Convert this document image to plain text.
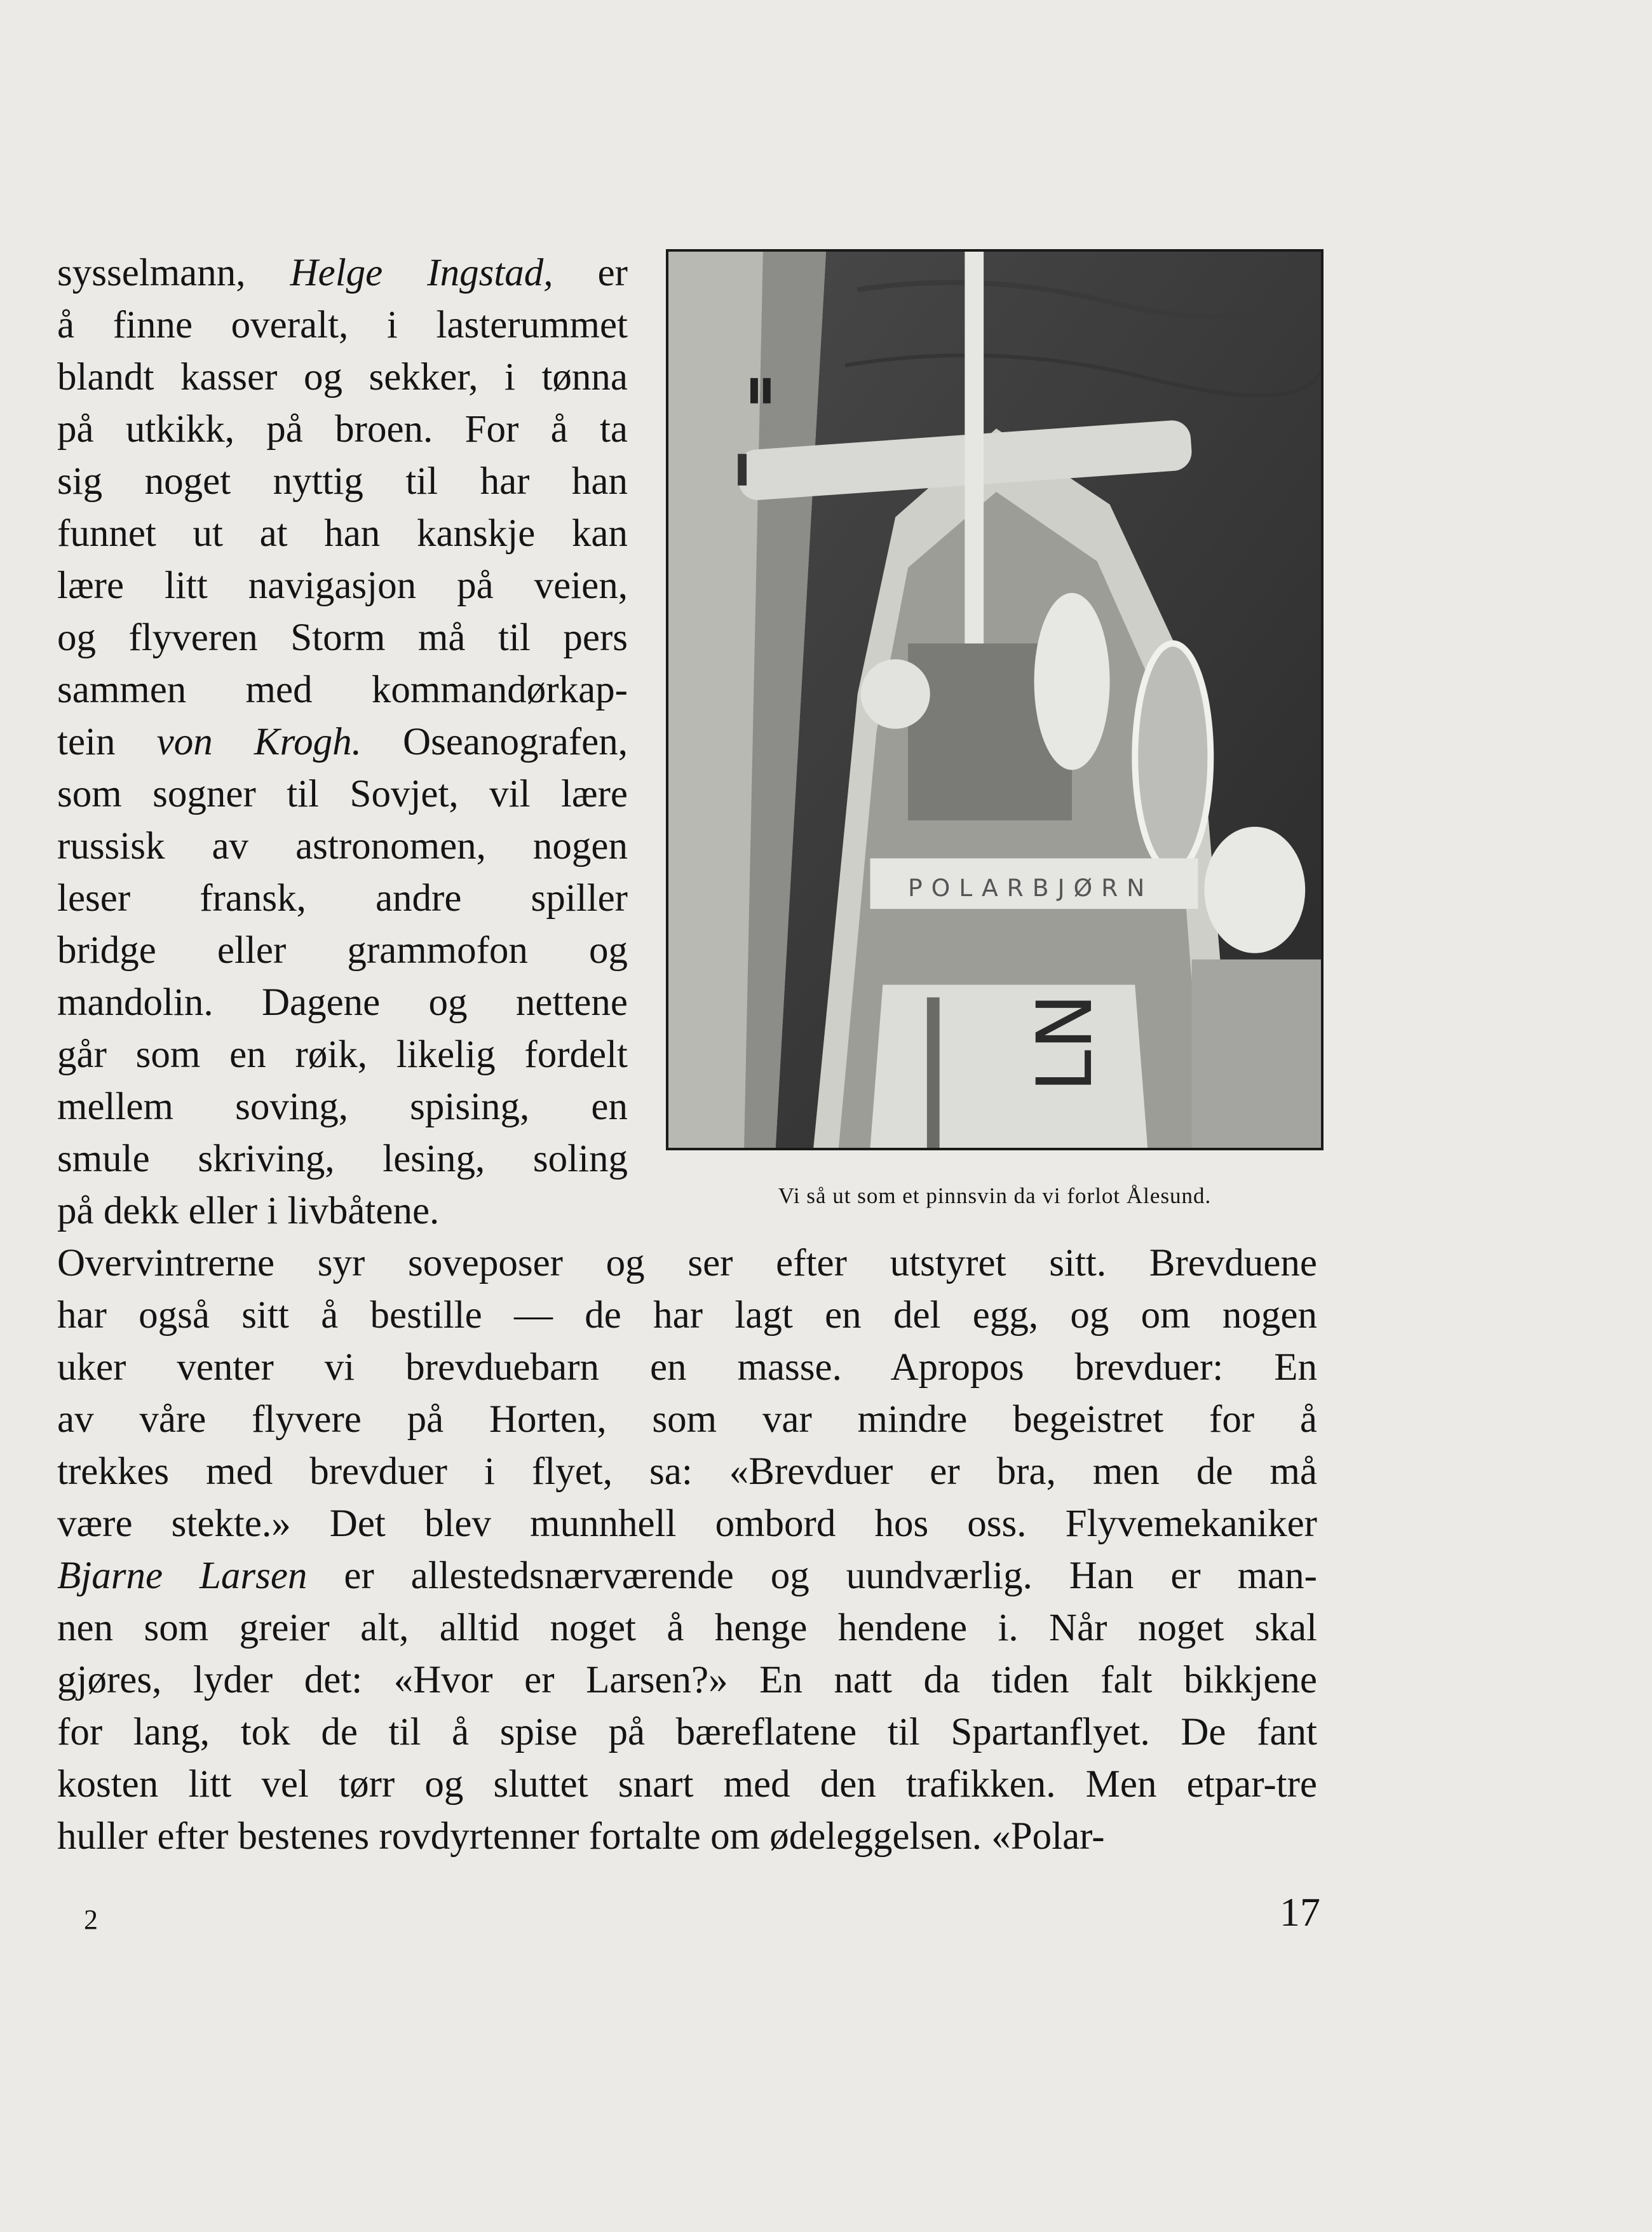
sysselmann, Helge Ingstad, er
å finne overalt, i lasterummet
blandt kasser og sekker, i tønna
på utkikk, på broen. For å ta
sig noget nyttig til har han
funnet ut at han kanskje kan
lære litt navigasjon på veien,
og flyveren Storm må til pers
sammen med kommandørkap-
tein von Krogh. Oseanografen,
som sogner til Sovjet, vil lære
russisk av astronomen, nogen
leser fransk, andre spiller
bridge eller grammofon og
mandolin. Dagene og nettene
går som en røik, likelig fordelt
mellem soving, spising, en
smule skriving, lesing, soling
på dekk eller i livbåtene.
POLARBJØRN
LN
Vi så ut som et pinnsvin da vi forlot Ålesund.
Overvintrerne syr soveposer og ser efter utstyret sitt. Brevduene
har også sitt å bestille — de har lagt en del egg, og om nogen
uker venter vi brevduebarn en masse. Apropos brevduer: En
av våre flyvere på Horten, som var mindre begeistret for å
trekkes med brevduer i flyet, sa: «Brevduer er bra, men de må
være stekte.» Det blev munnhell ombord hos oss. Flyvemekaniker
Bjarne Larsen er allestedsnærværende og uundværlig. Han er man-
nen som greier alt, alltid noget å henge hendene i. Når noget skal
gjøres, lyder det: «Hvor er Larsen?» En natt da tiden falt bikkjene
for lang, tok de til å spise på bæreflatene til Spartanflyet. De fant
kosten litt vel tørr og sluttet snart med den trafikken. Men etpar-tre
huller efter bestenes rovdyrtenner fortalte om ødeleggelsen. «Polar-
2	17
